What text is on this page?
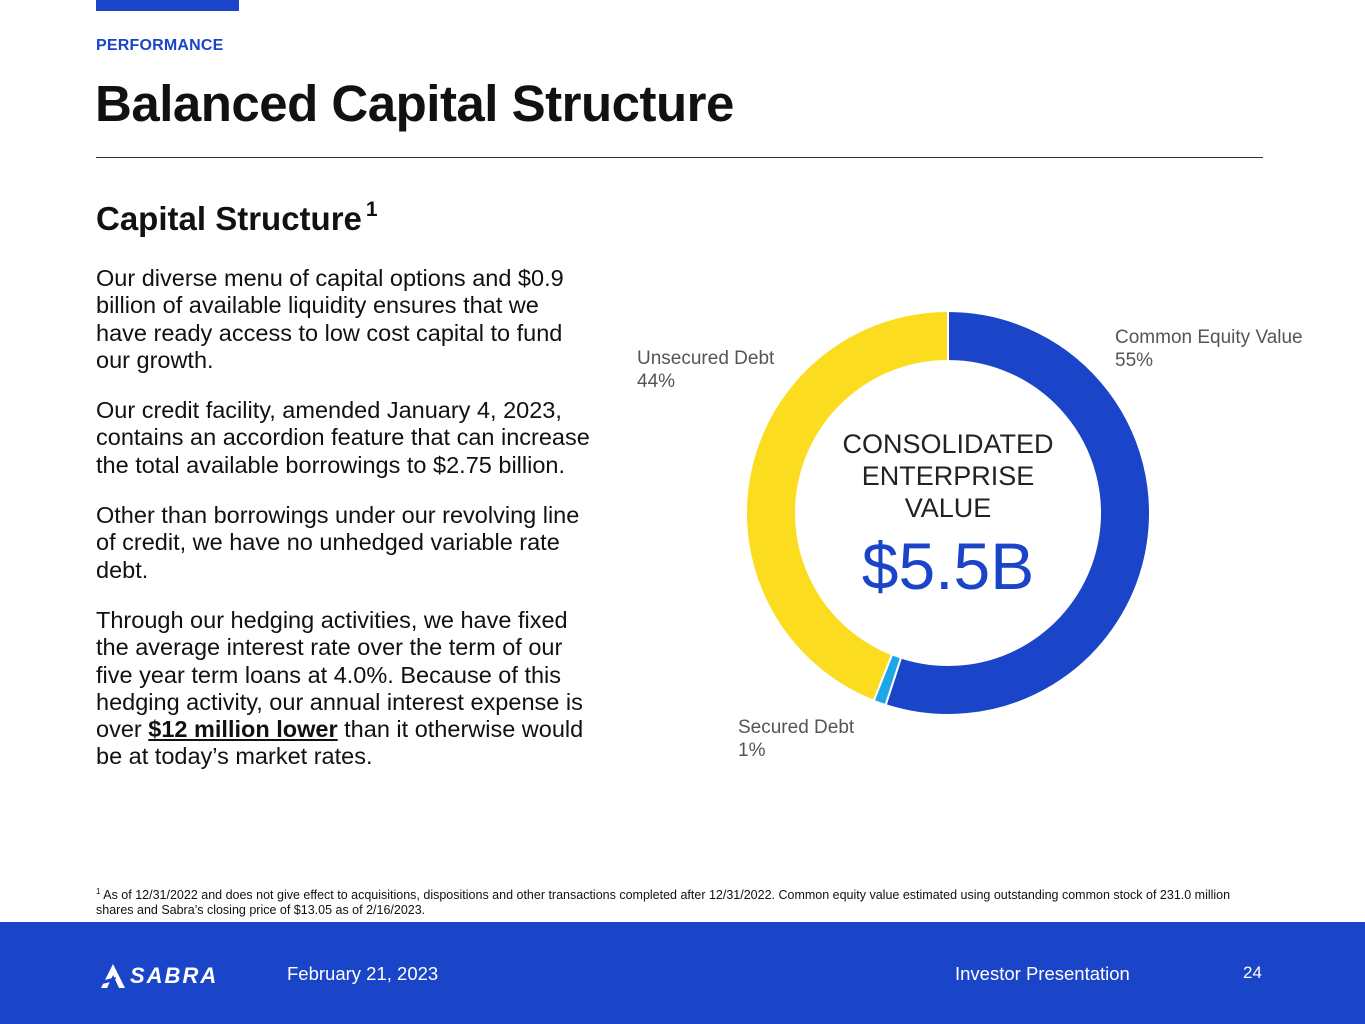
PERFORMANCE
Balanced Capital Structure
Capital Structure $^1$

Our diverse menu of capital options and $0.9 billion of available liquidity ensures that we have ready access to low cost capital to fund our growth.

Our credit facility, amended January 4, 2023, contains an accordion feature that can increase the total available borrowings to $2.75 billion.

Other than borrowings under our revolving line of credit, we have no unhedged variable rate debt.

Through our hedging activities, we have fixed the average interest rate over the term of our five year term loans at 4.0%. Because of this hedging activity, our annual interest expense is over $12 million lower than it otherwise would be at today’s market rates.

Common Equity Value
55%
Unsecured Debt
44%
Secured Debt
1%
CONSOLIDATED ENTERPRISE VALUE
$5.5B
$^1$ As of 12/31/2022 and does not give effect to acquisitions, dispositions and other transactions completed after 12/31/2022. Common equity value estimated using outstanding common stock of 231.0 million shares and Sabra’s closing price of $13.05 as of 2/16/2023.
SABRA	February 21, 2023	Investor Presentation	24
